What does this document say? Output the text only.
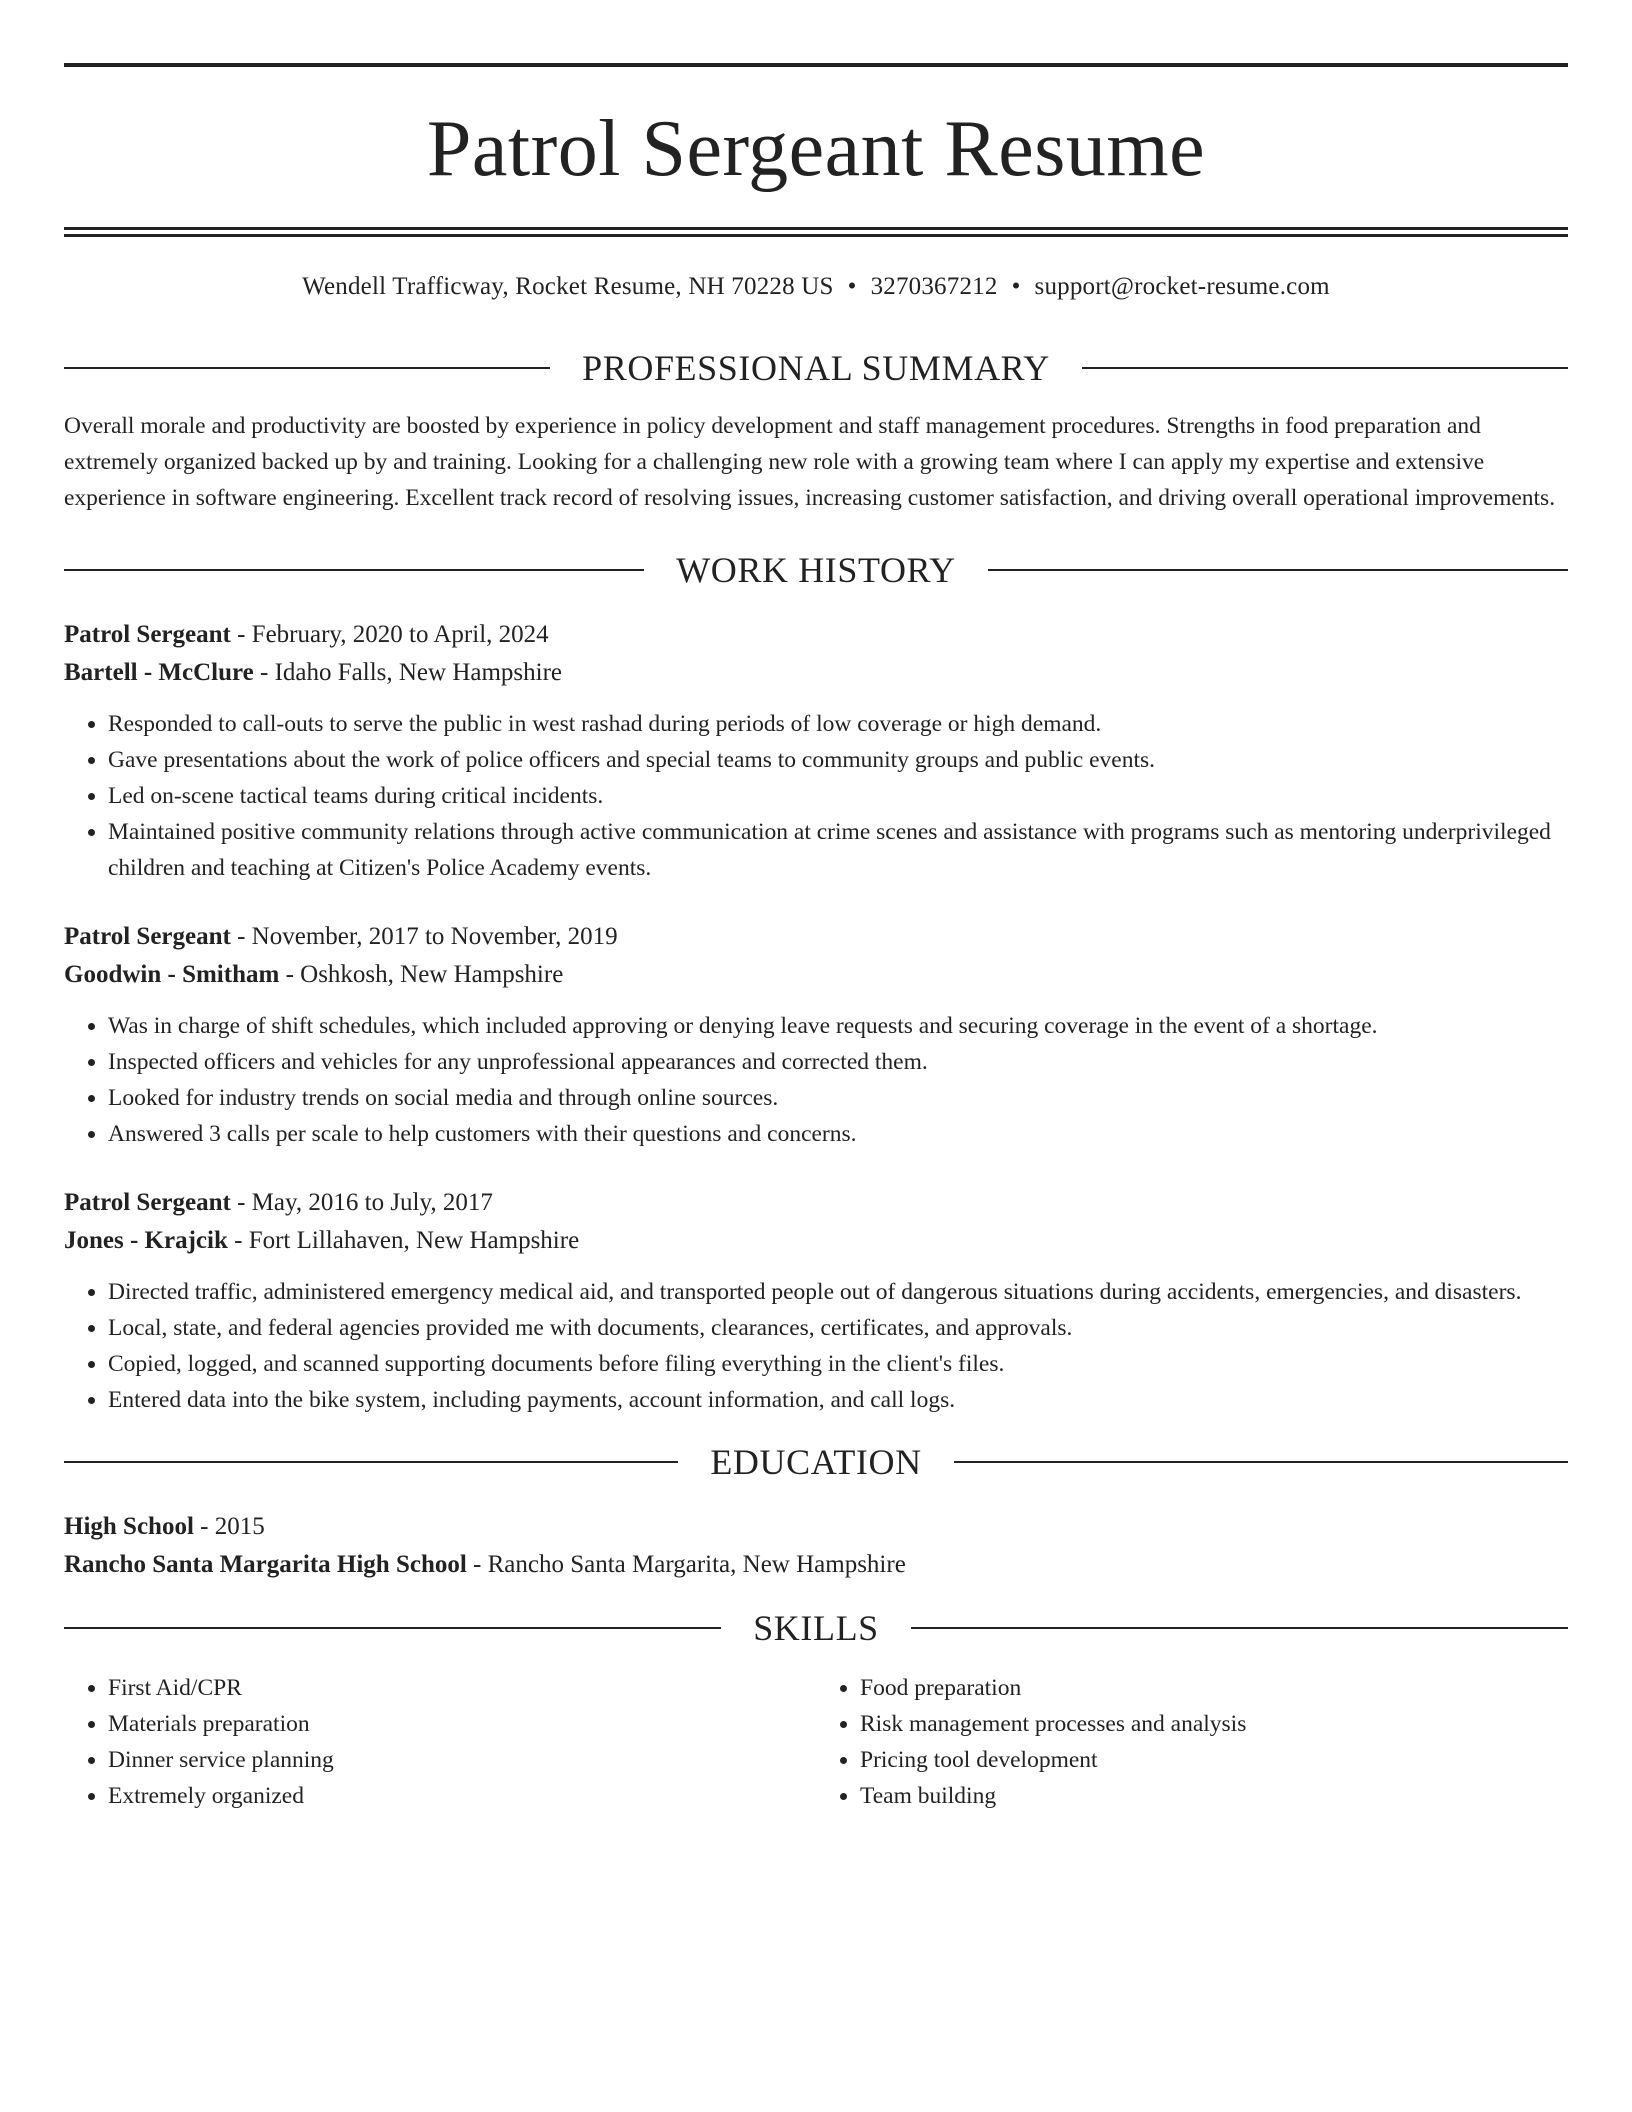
Patrol Sergeant Resume
Wendell Trafficway, Rocket Resume, NH 70228 US • 3270367212 • support@rocket-resume.com
PROFESSIONAL SUMMARY

Overall morale and productivity are boosted by experience in policy development and staff management procedures. Strengths in food preparation and extremely organized backed up by and training. Looking for a challenging new role with a growing team where I can apply my expertise and extensive experience in software engineering. Excellent track record of resolving issues, increasing customer satisfaction, and driving overall operational improvements.

WORK HISTORY
Patrol Sergeant - February, 2020 to April, 2024
Bartell - McClure - Idaho Falls, New Hampshire
• Responded to call-outs to serve the public in west rashad during periods of low coverage or high demand.
• Gave presentations about the work of police officers and special teams to community groups and public events.
• Led on-scene tactical teams during critical incidents.
• Maintained positive community relations through active communication at crime scenes and assistance with programs such as mentoring underprivileged children and teaching at Citizen's Police Academy events.
Patrol Sergeant - November, 2017 to November, 2019
Goodwin - Smitham - Oshkosh, New Hampshire
• Was in charge of shift schedules, which included approving or denying leave requests and securing coverage in the event of a shortage.
• Inspected officers and vehicles for any unprofessional appearances and corrected them.
• Looked for industry trends on social media and through online sources.
• Answered 3 calls per scale to help customers with their questions and concerns.
Patrol Sergeant - May, 2016 to July, 2017
Jones - Krajcik - Fort Lillahaven, New Hampshire
• Directed traffic, administered emergency medical aid, and transported people out of dangerous situations during accidents, emergencies, and disasters.
• Local, state, and federal agencies provided me with documents, clearances, certificates, and approvals.
• Copied, logged, and scanned supporting documents before filing everything in the client's files.
• Entered data into the bike system, including payments, account information, and call logs.
EDUCATION
High School - 2015
Rancho Santa Margarita High School - Rancho Santa Margarita, New Hampshire
SKILLS
• First Aid/CPR
• Materials preparation
• Dinner service planning
• Extremely organized
• Food preparation
• Risk management processes and analysis
• Pricing tool development
• Team building
